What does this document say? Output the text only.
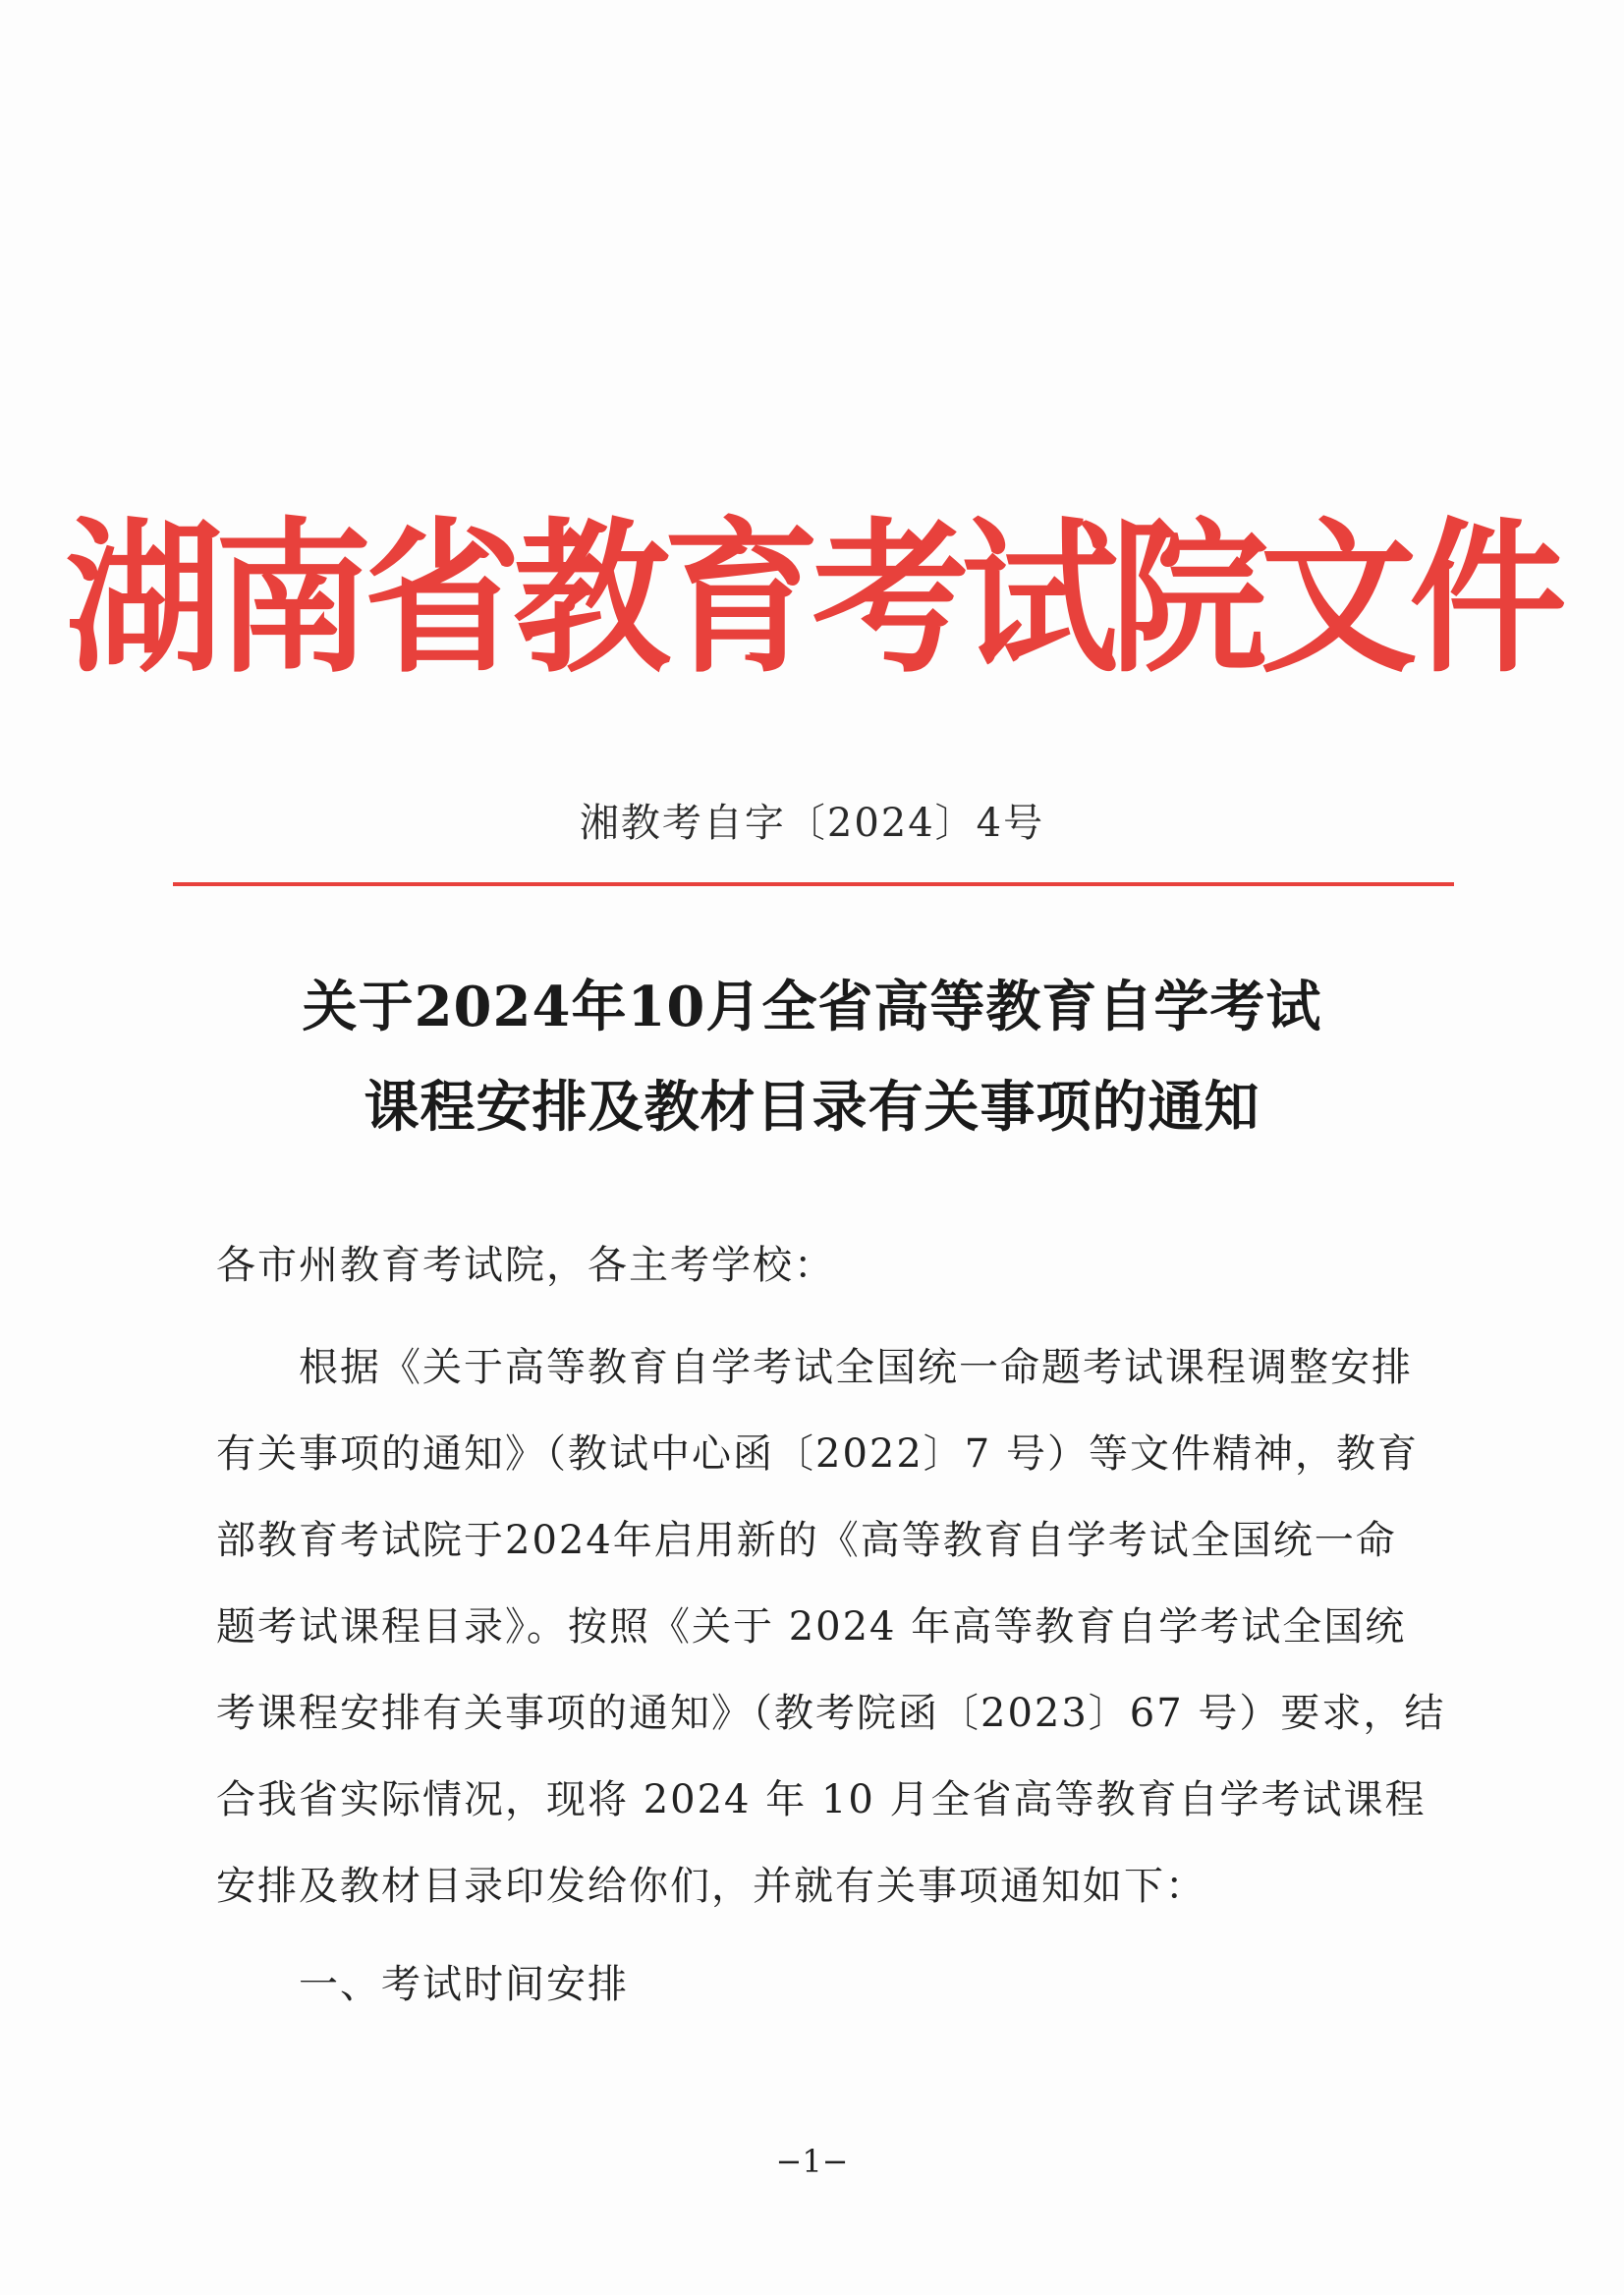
湖南省教育考试院文件
湘教考自字〔2024〕4号
关于2024年10月全省高等教育自学考试
课程安排及教材目录有关事项的通知
各市州教育考试院，各主考学校：
　　根据《关于高等教育自学考试全国统一命题考试课程调整安排
有关事项的通知》（教试中心函〔2022〕7 号）等文件精神，教育
部教育考试院于2024年启用新的《高等教育自学考试全国统一命
题考试课程目录》。按照《关于 2024 年高等教育自学考试全国统
考课程安排有关事项的通知》（教考院函〔2023〕67 号）要求，结
合我省实际情况，现将 2024 年 10 月全省高等教育自学考试课程
安排及教材目录印发给你们，并就有关事项通知如下：
　　一、考试时间安排
−1−
